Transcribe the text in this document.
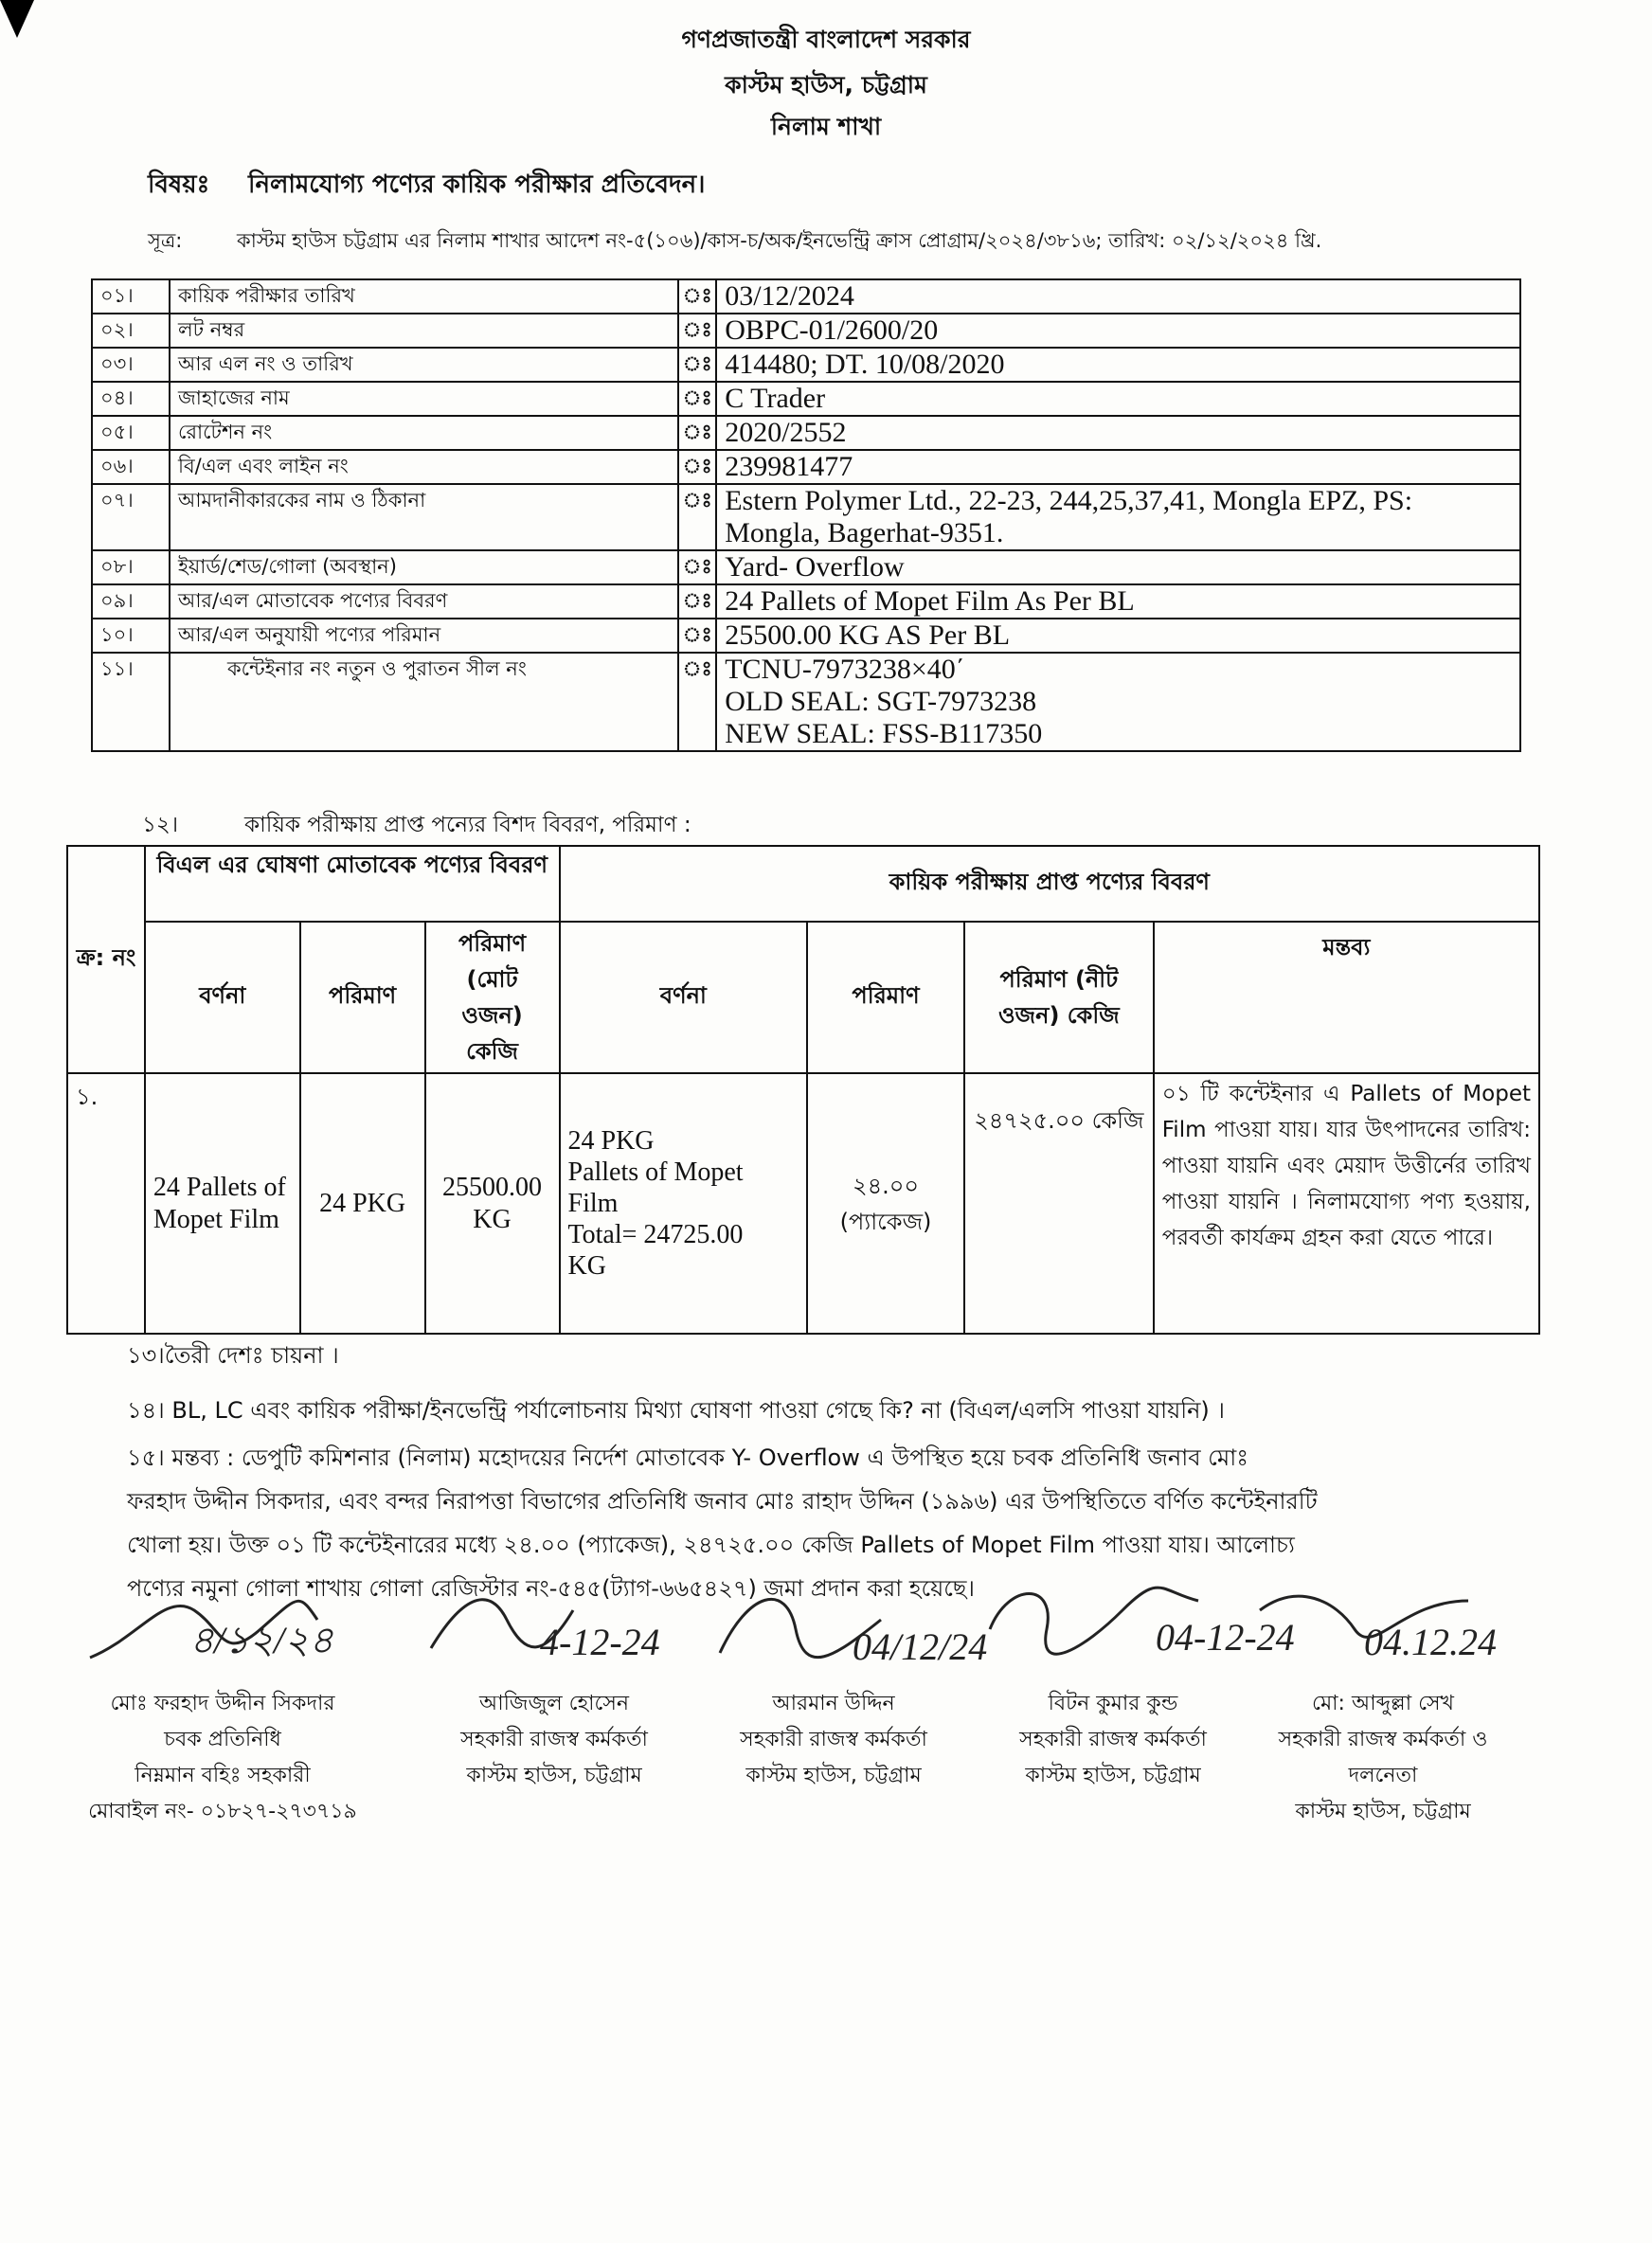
গণপ্রজাতন্ত্রী বাংলাদেশ সরকার
কাস্টম হাউস, চট্টগ্রাম
নিলাম শাখা
বিষয়ঃ নিলামযোগ্য পণ্যের কায়িক পরীক্ষার প্রতিবেদন।
সূত্র:	কাস্টম হাউস চট্টগ্রাম এর নিলাম শাখার আদেশ নং-৫(১০৬)/কাস-চ/অক/ইনভেন্ট্রি ক্রাস প্রোগ্রাম/২০২৪/৩৮১৬; তারিখ: ০২/১২/২০২৪ খ্রি.
০১।	কায়িক পরীক্ষার তারিখ	ঃ	03/12/2024

০২।	লট নম্বর	ঃ	OBPC-01/2600/20

০৩।	আর এল নং ও তারিখ	ঃ	414480; DT. 10/08/2020

০৪।	জাহাজের নাম	ঃ	C Trader

০৫।	রোটেশন নং	ঃ	2020/2552

০৬।	বি/এল এবং লাইন নং	ঃ	239981477

০৭।	আমদানীকারকের নাম ও ঠিকানা	ঃ	Estern Polymer Ltd., 22-23, 244,25,37,41, Mongla EPZ, PS:
Mongla, Bagerhat-9351.

০৮।	ইয়ার্ড/শেড/গোলা (অবস্থান)	ঃ	Yard- Overflow

০৯।	আর/এল মোতাবেক পণ্যের বিবরণ	ঃ	24 Pallets of Mopet Film As Per BL

১০।	আর/এল অনুযায়ী পণ্যের পরিমান	ঃ	25500.00 KG AS Per BL

১১।	কন্টেইনার নং নতুন ও পুরাতন সীল নং	ঃ	TCNU-7973238×40΄
OLD SEAL: SGT-7973238
NEW SEAL: FSS-B117350
১২।	কায়িক পরীক্ষায় প্রাপ্ত পন্যের বিশদ বিবরণ, পরিমাণ :
ক্র: নং	বিএল এর ঘোষণা মোতাবেক পণ্যের বিবরণ			কায়িক পরীক্ষায় প্রাপ্ত পণ্যের বিবরণ			
	বর্ণনা	পরিমাণ	পরিমাণ (মোট ওজন) কেজি	বর্ণনা	পরিমাণ	পরিমাণ (নীট ওজন) কেজি	মন্তব্য
১.	24 Pallets of Mopet Film	24 PKG	25500.00 KG	24 PKG
Pallets of Mopet
Film
Total= 24725.00
KG	২৪.০০ (প্যাকেজ)	২৪৭২৫.০০ কেজি	০১ টি কন্টেইনার এ Pallets of Mopet Film পাওয়া যায়। যার উৎপাদনের তারিখ: পাওয়া যায়নি এবং মেয়াদ উত্তীর্নের তারিখ পাওয়া যায়নি । নিলামযোগ্য পণ্য হওয়ায়, পরবর্তী কার্যক্রম গ্রহন করা যেতে পারে।
১৩।তৈরী দেশঃ চায়না ।
১৪। BL, LC এবং কায়িক পরীক্ষা/ইনভেন্ট্রি পর্যালোচনায় মিথ্যা ঘোষণা পাওয়া গেছে কি? না (বিএল/এলসি পাওয়া যায়নি) ।
১৫। মন্তব্য : ডেপুটি কমিশনার (নিলাম) মহোদয়ের নির্দেশ মোতাবেক Y- Overflow এ উপস্থিত হয়ে চবক প্রতিনিধি জনাব মোঃ
ফরহাদ উদ্দীন সিকদার, এবং বন্দর নিরাপত্তা বিভাগের প্রতিনিধি জনাব মোঃ রাহাদ উদ্দিন (১৯৯৬) এর উপস্থিতিতে বর্ণিত কন্টেইনারটি
খোলা হয়। উক্ত ০১ টি কন্টেইনারের মধ্যে ২৪.০০ (প্যাকেজ), ২৪৭২৫.০০ কেজি Pallets of Mopet Film পাওয়া যায়। আলোচ্য
পণ্যের নমুনা গোলা শাখায় গোলা রেজিস্টার নং-৫৪৫(ট্যাগ-৬৬৫৪২৭) জমা প্রদান করা হয়েছে।
৪/১২/২৪
মোঃ ফরহাদ উদ্দীন সিকদার
চবক প্রতিনিধি
নিম্নমান বহিঃ সহকারী
মোবাইল নং- ০১৮২৭-২৭৩৭১৯
4-12-24
আজিজুল হোসেন
সহকারী রাজস্ব কর্মকর্তা
কাস্টম হাউস, চট্টগ্রাম
04/12/24
আরমান উদ্দিন
সহকারী রাজস্ব কর্মকর্তা
কাস্টম হাউস, চট্টগ্রাম
04-12-24
বিটন কুমার কুন্ড
সহকারী রাজস্ব কর্মকর্তা
কাস্টম হাউস, চট্টগ্রাম
04.12.24
মো: আব্দুল্লা সেখ
সহকারী রাজস্ব কর্মকর্তা ও
দলনেতা
কাস্টম হাউস, চট্টগ্রাম
